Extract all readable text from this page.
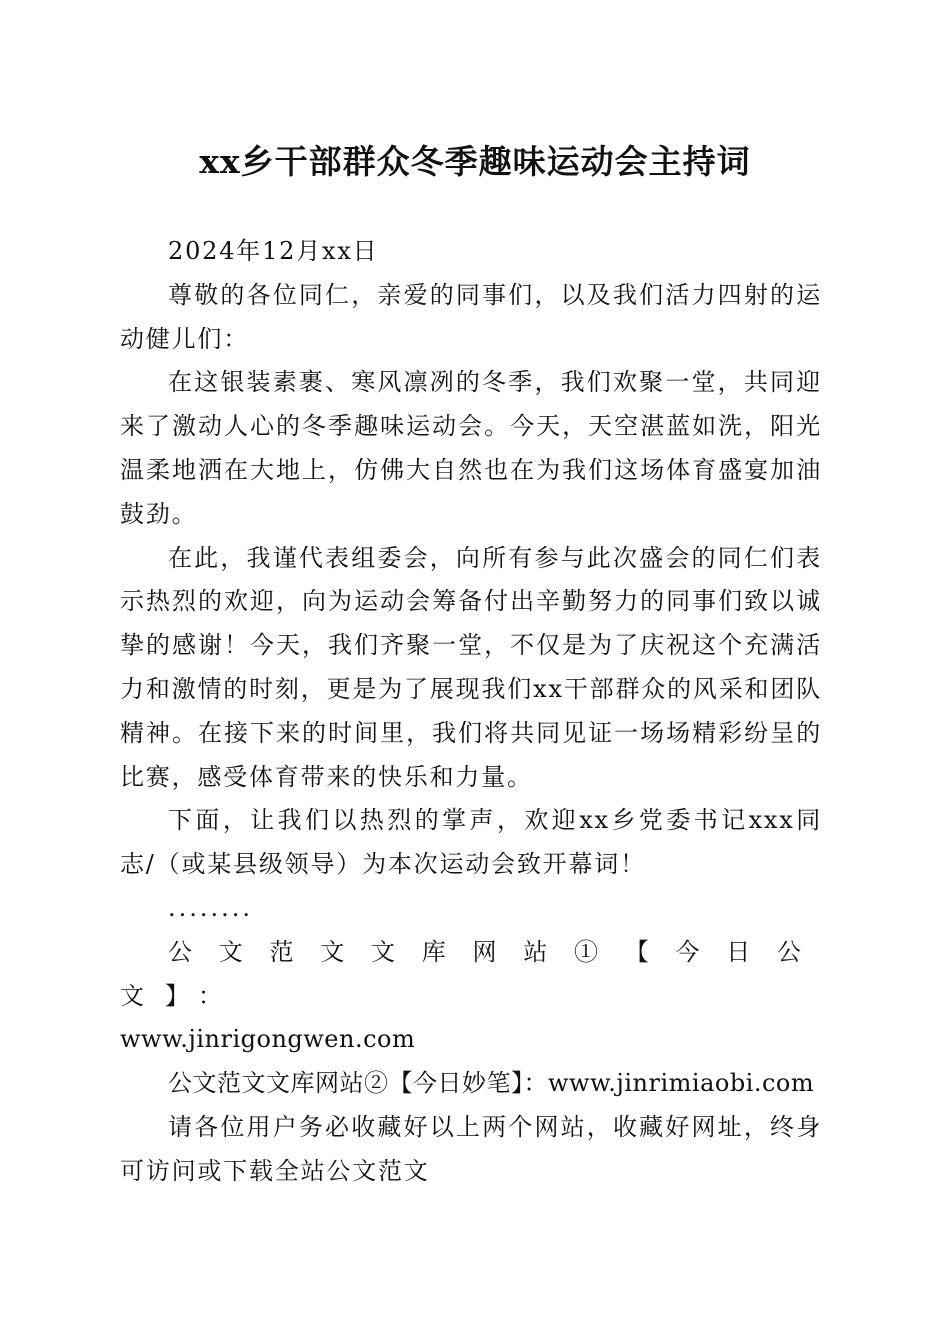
xx乡干部群众冬季趣味运动会主持词

2024年12月xx日

尊敬的各位同仁，亲爱的同事们，以及我们活力四射的运动健儿们：

在这银装素裹、寒风凛冽的冬季，我们欢聚一堂，共同迎来了激动人心的冬季趣味运动会。今天，天空湛蓝如洗，阳光温柔地洒在大地上，仿佛大自然也在为我们这场体育盛宴加油鼓劲。

在此，我谨代表组委会，向所有参与此次盛会的同仁们表示热烈的欢迎，向为运动会筹备付出辛勤努力的同事们致以诚挚的感谢！今天，我们齐聚一堂，不仅是为了庆祝这个充满活力和激情的时刻，更是为了展现我们xx干部群众的风采和团队精神。在接下来的时间里，我们将共同见证一场场精彩纷呈的比赛，感受体育带来的快乐和力量。

下面，让我们以热烈的掌声，欢迎xx乡党委书记xxx同志/（或某县级领导）为本次运动会致开幕词！

........

公文范文文库网站①【今日公文】：

www.jinrigongwen.com

公文范文文库网站②【今日妙笔】：www.jinrimiaobi.com

请各位用户务必收藏好以上两个网站，收藏好网址，终身可访问或下载全站公文范文
